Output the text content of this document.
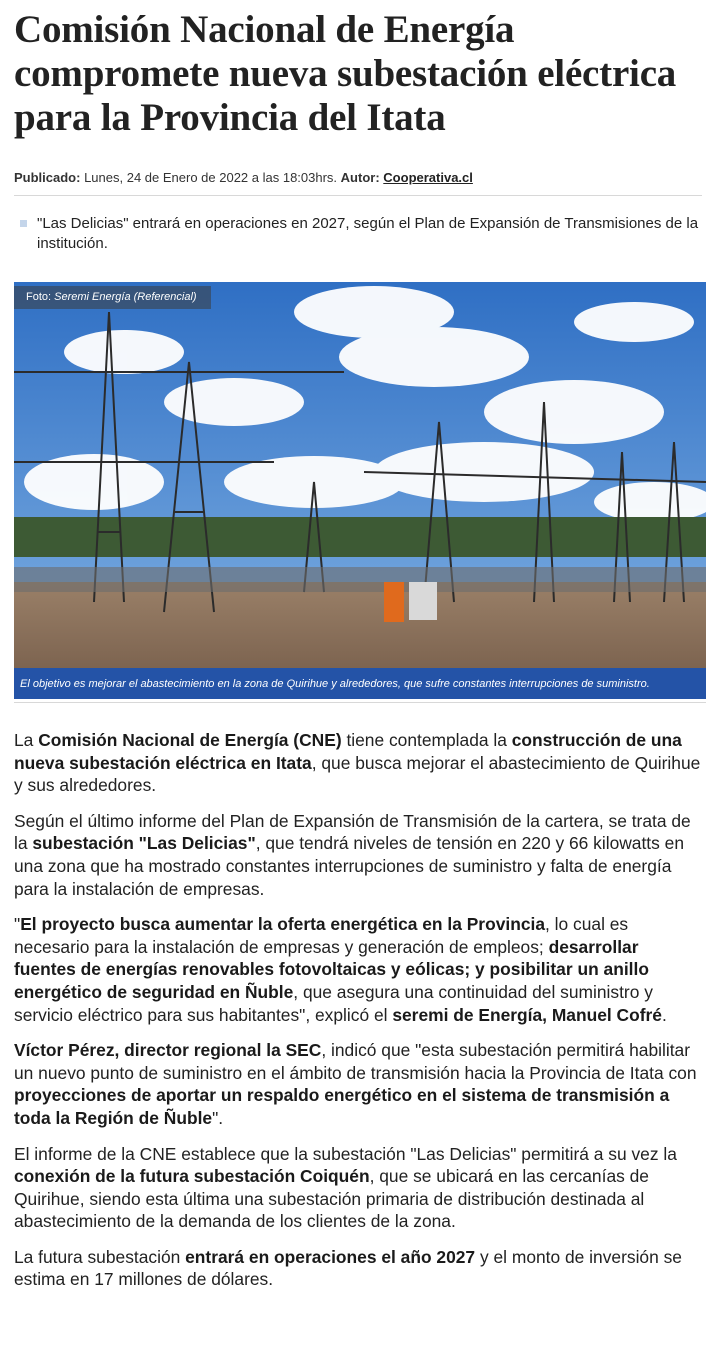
Comisión Nacional de Energía compromete nueva subestación eléctrica para la Provincia del Itata
Publicado: Lunes, 24 de Enero de 2022 a las 18:03hrs. Autor: Cooperativa.cl
"Las Delicias" entrará en operaciones en 2027, según el Plan de Expansión de Transmisiones de la institución.
Foto: Seremi Energía (Referencial)
El objetivo es mejorar el abastecimiento en la zona de Quirihue y alrededores, que sufre constantes interrupciones de suministro.

La Comisión Nacional de Energía (CNE) tiene contemplada la construcción de una nueva subestación eléctrica en Itata, que busca mejorar el abastecimiento de Quirihue y sus alrededores.

Según el último informe del Plan de Expansión de Transmisión de la cartera, se trata de la subestación "Las Delicias", que tendrá niveles de tensión en 220 y 66 kilowatts en una zona que ha mostrado constantes interrupciones de suministro y falta de energía para la instalación de empresas.

"El proyecto busca aumentar la oferta energética en la Provincia, lo cual es necesario para la instalación de empresas y generación de empleos; desarrollar fuentes de energías renovables fotovoltaicas y eólicas; y posibilitar un anillo energético de seguridad en Ñuble, que asegura una continuidad del suministro y servicio eléctrico para sus habitantes", explicó el seremi de Energía, Manuel Cofré.

Víctor Pérez, director regional la SEC, indicó que "esta subestación permitirá habilitar un nuevo punto de suministro en el ámbito de transmisión hacia la Provincia de Itata con proyecciones de aportar un respaldo energético en el sistema de transmisión a toda la Región de Ñuble".

El informe de la CNE establece que la subestación "Las Delicias" permitirá a su vez la conexión de la futura subestación Coiquén, que se ubicará en las cercanías de Quirihue, siendo esta última una subestación primaria de distribución destinada al abastecimiento de la demanda de los clientes de la zona.

La futura subestación entrará en operaciones el año 2027 y el monto de inversión se estima en 17 millones de dólares.
